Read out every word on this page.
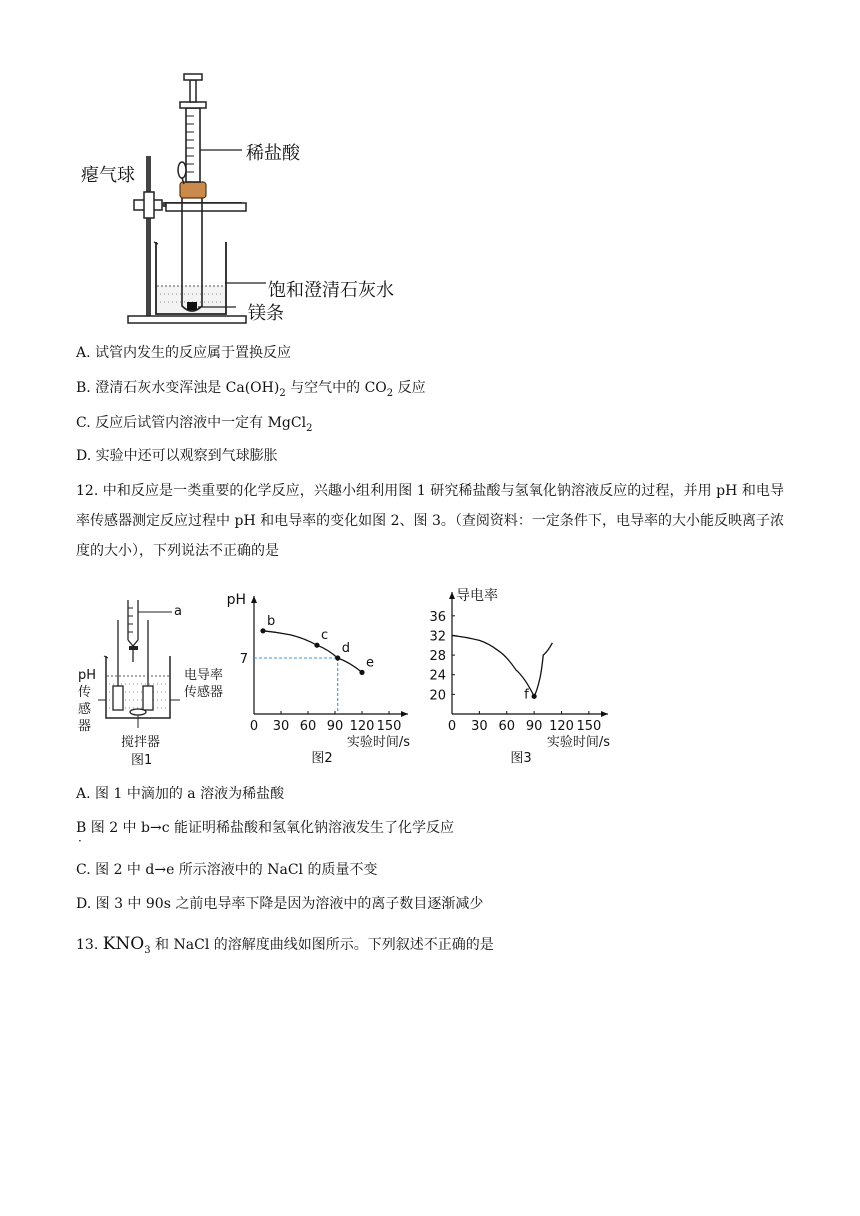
稀盐酸
瘪气球
饱和澄清石灰水
镁条
A. 试管内发生的反应属于置换反应
B. 澄清石灰水变浑浊是 $Ca(OH)_2$ 与空气中的 $CO_2$ 反应
C. 反应后试管内溶液中一定有 MgCl$_2$
D. 实验中还可以观察到气球膨胀
12. 中和反应是一类重要的化学反应，兴趣小组利用图 1 研究稀盐酸与氢氧化钠溶液反应的过程，并用 pH 和电导率传感器测定反应过程中 pH 和电导率的变化如图 2、图 3。（查阅资料：一定条件下，电导率的大小能反映离子浓度的大小），下列说法不正确的是
a
pH传感器
电导率传感器
搅拌器
图1
0 30 60 90 120 150
7
pH
实验时间/s
图2
b
c
d
e
0 30 60 90 120 150
20
24
28
32
36
导电率
实验时间/s
图3
f
A. 图 1 中滴加的 a 溶液为稀盐酸
B 图 2 中 b→c 能证明稀盐酸和氢氧化钠溶液发生了化学反应
·
C. 图 2 中 d→e 所示溶液中的 NaCl 的质量不变
D. 图 3 中 90s 之前电导率下降是因为溶液中的离子数目逐渐减少
13. $KNO_3$ 和 NaCl 的溶解度曲线如图所示。下列叙述不正确的是
